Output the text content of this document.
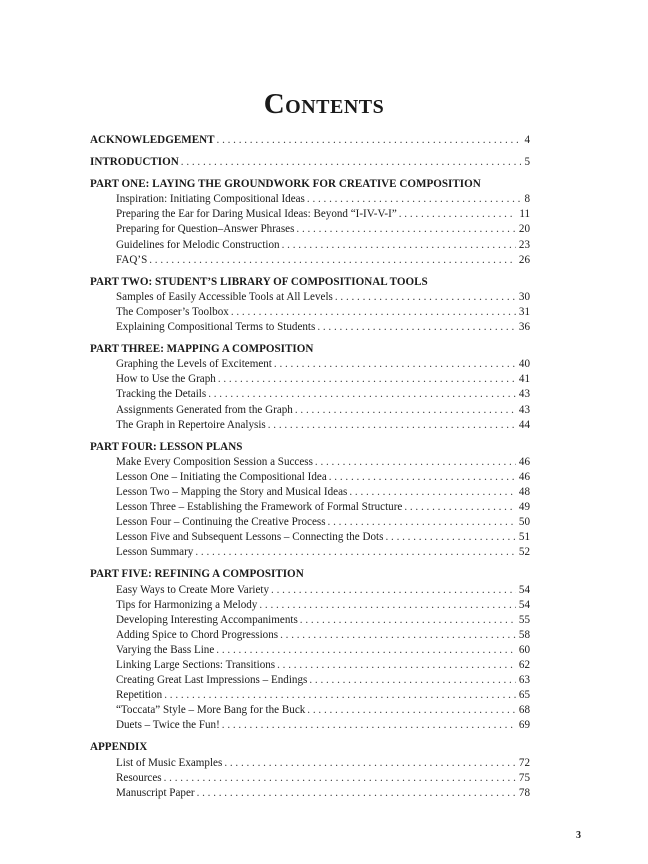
Contents
ACKNOWLEDGEMENT . . .	4
INTRODUCTION . . .	5
PART ONE: LAYING THE GROUNDWORK FOR CREATIVE COMPOSITION
Inspiration: Initiating Compositional Ideas . . .	8
Preparing the Ear for Daring Musical Ideas: Beyond “I-IV-V-I” . . .	11
Preparing for Question–Answer Phrases . . .	20
Guidelines for Melodic Construction . . .	23
FAQ’S . . .	26
PART TWO: STUDENT’S LIBRARY OF COMPOSITIONAL TOOLS
Samples of Easily Accessible Tools at All Levels . . .	30
The Composer’s Toolbox . . .	31
Explaining Compositional Terms to Students . . .	36
PART THREE: MAPPING A COMPOSITION
Graphing the Levels of Excitement . . .	40
How to Use the Graph . . .	41
Tracking the Details . . .	43
Assignments Generated from the Graph . . .	43
The Graph in Repertoire Analysis . . .	44
PART FOUR: LESSON PLANS
Make Every Composition Session a Success . . .	46
Lesson One – Initiating the Compositional Idea . . .	46
Lesson Two – Mapping the Story and Musical Ideas . . .	48
Lesson Three – Establishing the Framework of Formal Structure . . .	49
Lesson Four – Continuing the Creative Process . . .	50
Lesson Five and Subsequent Lessons – Connecting the Dots . . .	51
Lesson Summary . . .	52
PART FIVE: REFINING A COMPOSITION
Easy Ways to Create More Variety . . .	54
Tips for Harmonizing a Melody . . .	54
Developing Interesting Accompaniments . . .	55
Adding Spice to Chord Progressions . . .	58
Varying the Bass Line . . .	60
Linking Large Sections: Transitions . . .	62
Creating Great Last Impressions – Endings . . .	63
Repetition . . .	65
“Toccata” Style – More Bang for the Buck . . .	68
Duets – Twice the Fun! . . .	69
APPENDIX
List of Music Examples . . .	72
Resources . . .	75
Manuscript Paper . . .	78
3
